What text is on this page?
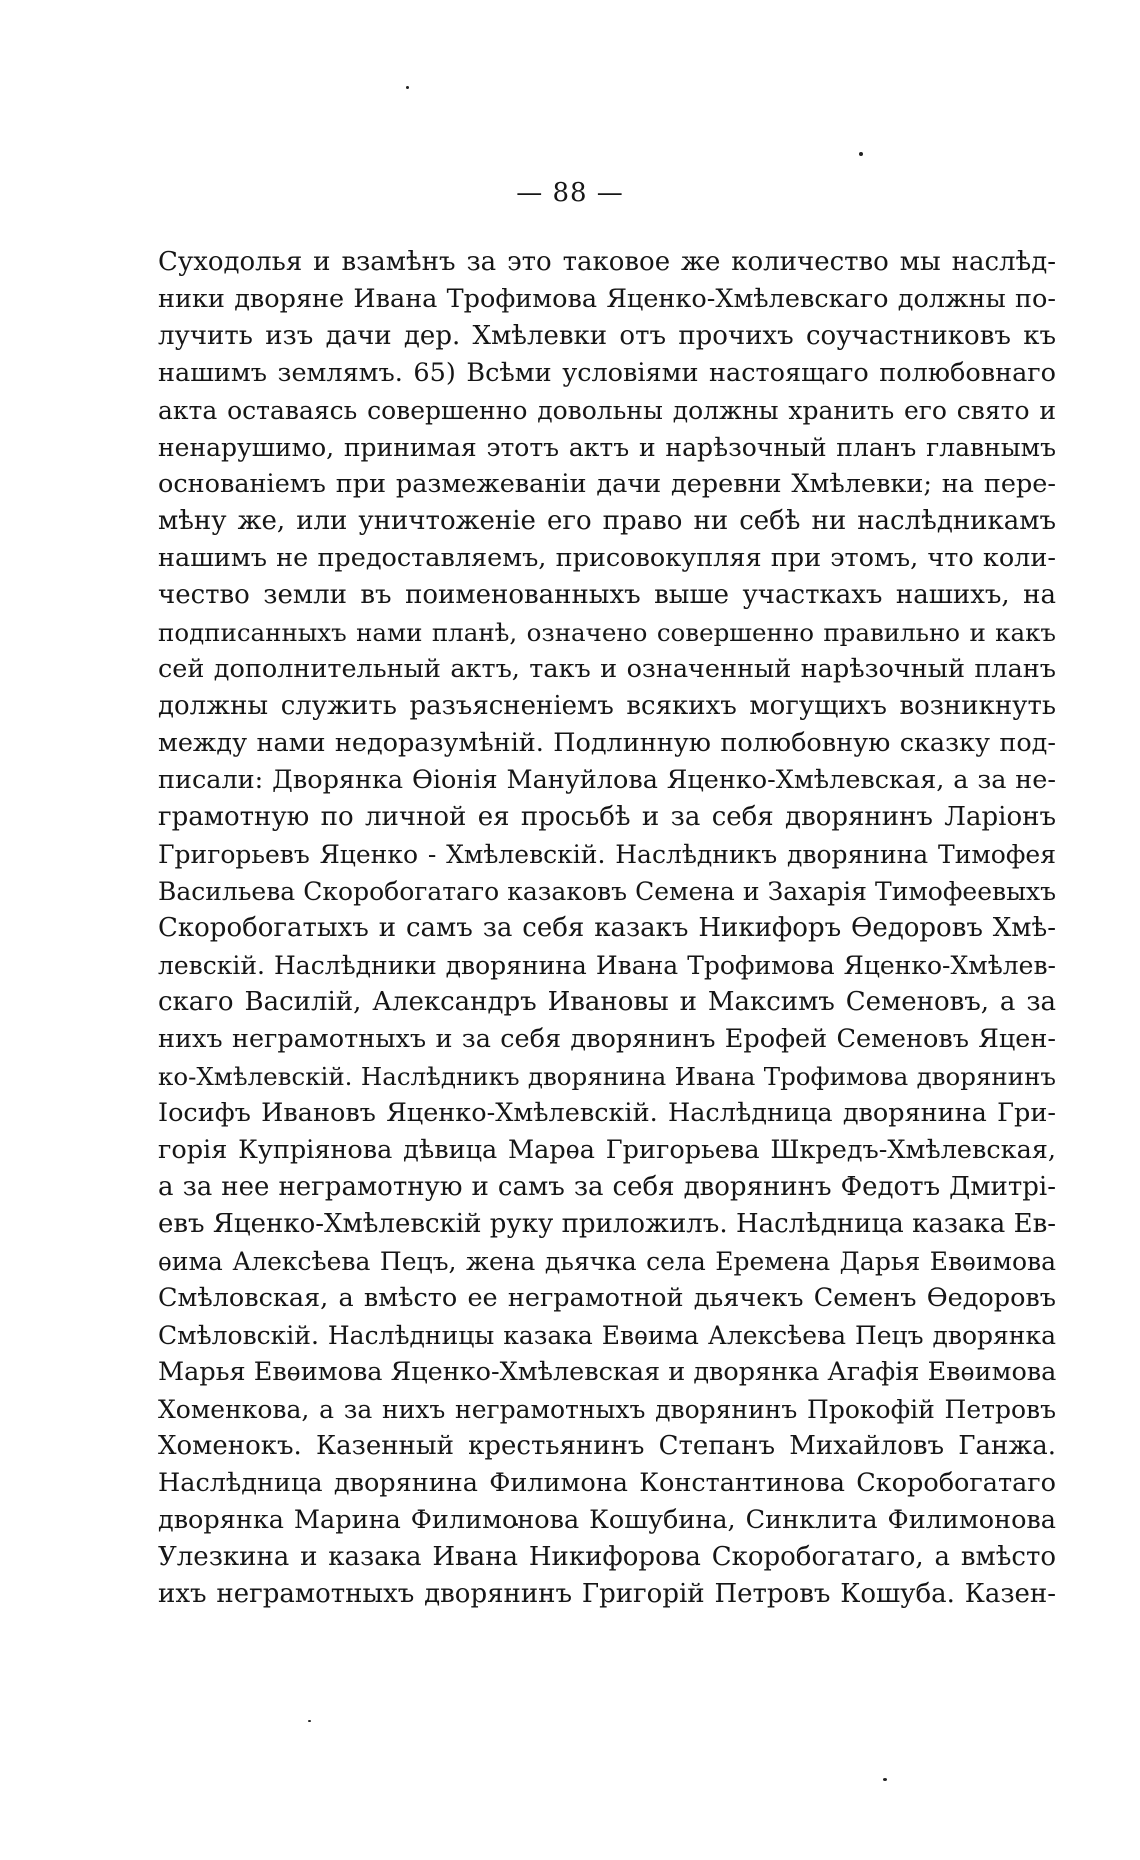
— 88 —
Суходолья и взамѣнъ за это таковое же количество мы наслѣд-
ники дворяне Ивана Трофимова Яценко-Хмѣлевскаго должны по-
лучить изъ дачи дер. Хмѣлевки отъ прочихъ соучастниковъ къ
нашимъ землямъ. 65) Всѣми условіями настоящаго полюбовнаго
акта оставаясь совершенно довольны должны хранить его свято и
ненарушимо, принимая этотъ актъ и нарѣзочный планъ главнымъ
основаніемъ при размежеваніи дачи деревни Хмѣлевки; на пере-
мѣну же, или уничтоженіе его право ни себѣ ни наслѣдникамъ
нашимъ не предоставляемъ, присовокупляя при этомъ, что коли-
чество земли въ поименованныхъ выше участкахъ нашихъ, на
подписанныхъ нами планѣ, означено совершенно правильно и какъ
сей дополнительный актъ, такъ и означенный нарѣзочный планъ
должны служить разъясненіемъ всякихъ могущихъ возникнуть
между нами недоразумѣній. Подлинную полюбовную сказку под-
писали: Дворянка Ѳіонія Мануйлова Яценко-Хмѣлевская, а за не-
грамотную по личной ея просьбѣ и за себя дворянинъ Ларіонъ
Григорьевъ Яценко - Хмѣлевскій. Наслѣдникъ дворянина Тимофея
Васильева Скоробогатаго казаковъ Семена и Захарія Тимофеевыхъ
Скоробогатыхъ и самъ за себя казакъ Никифоръ Ѳедоровъ Хмѣ-
левскій. Наслѣдники дворянина Ивана Трофимова Яценко-Хмѣлев-
скаго Василій, Александръ Ивановы и Максимъ Семеновъ, а за
нихъ неграмотныхъ и за себя дворянинъ Ерофей Семеновъ Яцен-
ко-Хмѣлевскій. Наслѣдникъ дворянина Ивана Трофимова дворянинъ
Іосифъ Ивановъ Яценко-Хмѣлевскій. Наслѣдница дворянина Гри-
горія Купріянова дѣвица Марѳа Григорьева Шкредъ-Хмѣлевская,
а за нее неграмотную и самъ за себя дворянинъ Федотъ Дмитрі-
евъ Яценко-Хмѣлевскій руку приложилъ. Наслѣдница казака Ев-
ѳима Алексѣева Пецъ, жена дьячка села Еремена Дарья Евѳимова
Смѣловская, а вмѣсто ее неграмотной дьячекъ Семенъ Ѳедоровъ
Смѣловскій. Наслѣдницы казака Евѳима Алексѣева Пецъ дворянка
Марья Евѳимова Яценко-Хмѣлевская и дворянка Агафія Евѳимова
Хоменкова, а за нихъ неграмотныхъ дворянинъ Прокофій Петровъ
Хоменокъ. Казенный крестьянинъ Степанъ Михайловъ Ганжа.
Наслѣдница дворянина Филимона Константинова Скоробогатаго
дворянка Марина Филимонова Кошубина, Синклита Филимонова
Улезкина и казака Ивана Никифорова Скоробогатаго, а вмѣсто
ихъ неграмотныхъ дворянинъ Григорій Петровъ Кошуба. Казен-
